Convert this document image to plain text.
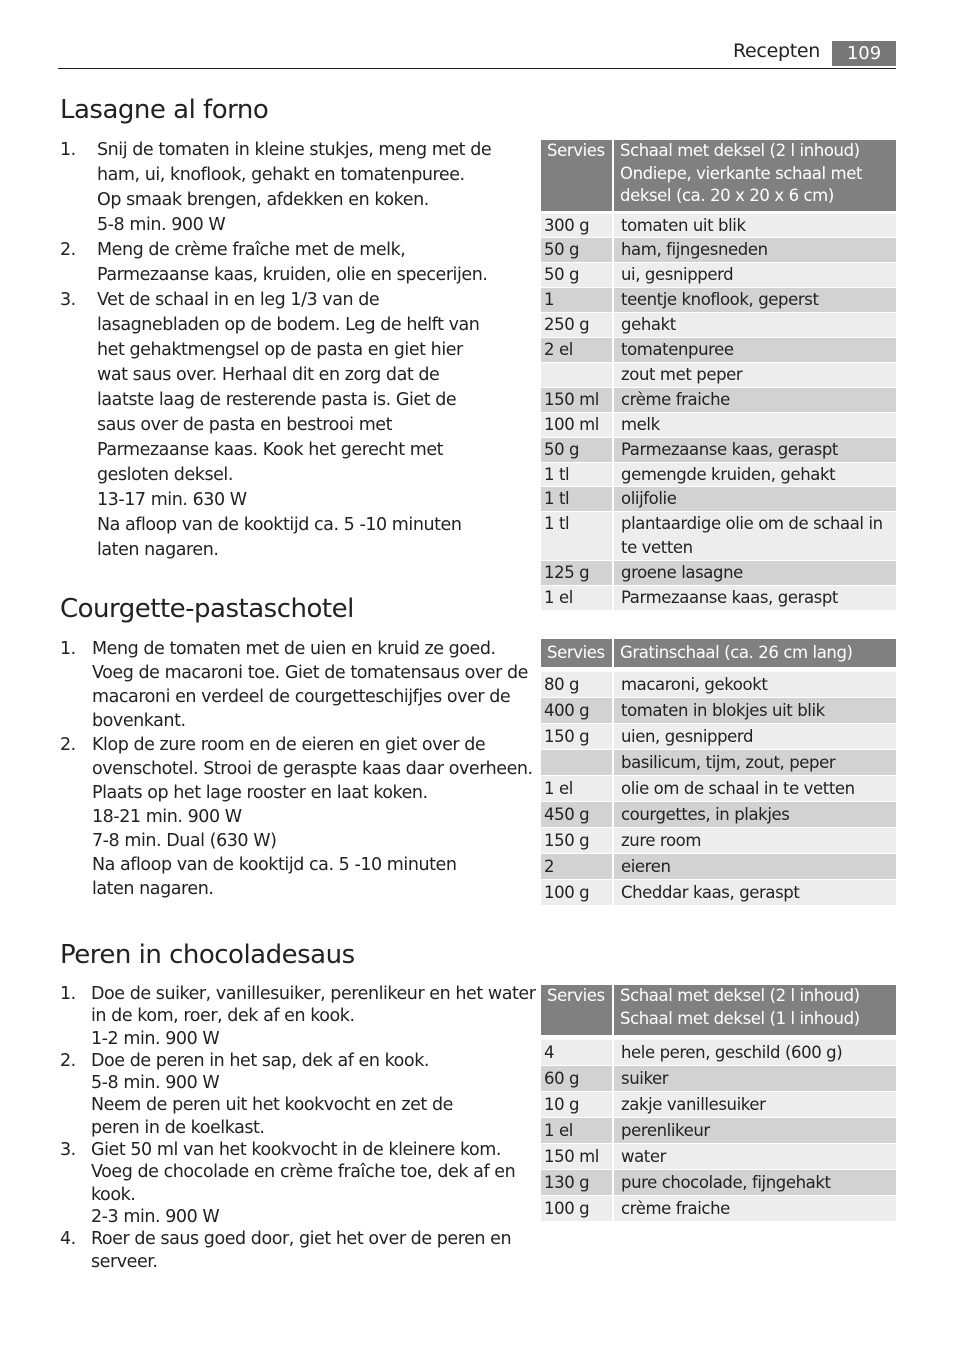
Recepten	109
Lasagne al forno
1. Snij de tomaten in kleine stukjes, meng met de
ham, ui, knoflook, gehakt en tomatenpuree.
Op smaak brengen, afdekken en koken.
5-8 min. 900 W
2. Meng de crème fraîche met de melk,
Parmezaanse kaas, kruiden, olie en specerijen.
3. Vet de schaal in en leg 1/3 van de
lasagnebladen op de bodem. Leg de helft van
het gehaktmengsel op de pasta en giet hier
wat saus over. Herhaal dit en zorg dat de
laatste laag de resterende pasta is. Giet de
saus over de pasta en bestrooi met
Parmezaanse kaas. Kook het gerecht met
gesloten deksel.
13-17 min. 630 W
Na afloop van de kooktijd ca. 5 -10 minuten
laten nagaren.
Servies Schaal met deksel (2 l inhoud)
Ondiepe, vierkante schaal met
deksel (ca. 20 x 20 x 6 cm)
300 g	tomaten uit blik
50 g	ham, fijngesneden
50 g	ui, gesnipperd
1	teentje knoflook, geperst
250 g	gehakt
2 el	tomatenpuree
zout met peper
150 ml	crème fraiche
100 ml	melk
50 g	Parmezaanse kaas, geraspt
1 tl	gemengde kruiden, gehakt
1 tl	olijfolie
1 tl	plantaardige olie om de schaal in te vetten
125 g	groene lasagne
1 el	Parmezaanse kaas, geraspt
Courgette-pastaschotel
1. Meng de tomaten met de uien en kruid ze goed.
Voeg de macaroni toe. Giet de tomatensaus over de
macaroni en verdeel de courgetteschijfjes over de
bovenkant.
2. Klop de zure room en de eieren en giet over de
ovenschotel. Strooi de geraspte kaas daar overheen.
Plaats op het lage rooster en laat koken.
18-21 min. 900 W
7-8 min. Dual (630 W)
Na afloop van de kooktijd ca. 5 -10 minuten
laten nagaren.
Servies Gratinschaal (ca. 26 cm lang)
80 g	macaroni, gekookt
400 g	tomaten in blokjes uit blik
150 g	uien, gesnipperd
basilicum, tijm, zout, peper
1 el	olie om de schaal in te vetten
450 g	courgettes, in plakjes
150 g	zure room
2	eieren
100 g	Cheddar kaas, geraspt
Peren in chocoladesaus
1. Doe de suiker, vanillesuiker, perenlikeur en het water
in de kom, roer, dek af en kook.
1-2 min. 900 W
2. Doe de peren in het sap, dek af en kook.
5-8 min. 900 W
Neem de peren uit het kookvocht en zet de
peren in de koelkast.
3. Giet 50 ml van het kookvocht in de kleinere kom.
Voeg de chocolade en crème fraîche toe, dek af en
kook.
2-3 min. 900 W
4. Roer de saus goed door, giet het over de peren en
serveer.
Servies Schaal met deksel (2 l inhoud)
Schaal met deksel (1 l inhoud)
4	hele peren, geschild (600 g)
60 g	suiker
10 g	zakje vanillesuiker
1 el	perenlikeur
150 ml	water
130 g	pure chocolade, fijngehakt
100 g	crème fraiche
